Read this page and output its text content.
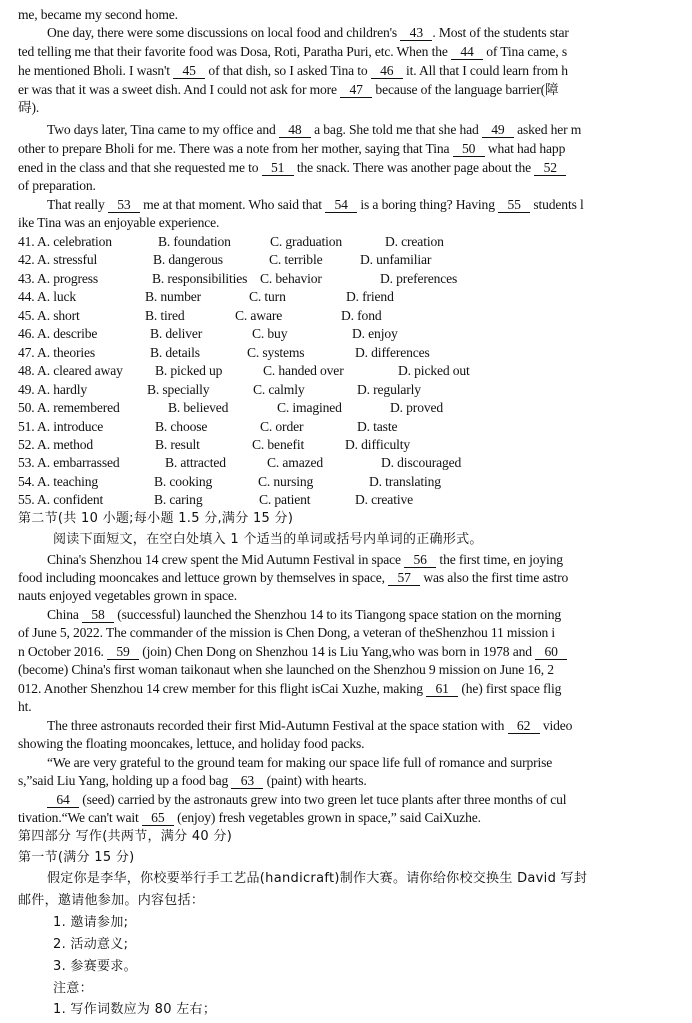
me, became my second home.
One day, there were some discussions on local food and children's 43 . Most of the students star
ted telling me that their favorite food was Dosa, Roti, Paratha Puri, etc. When the 44 of Tina came, s
he mentioned Bholi. I wasn't 45 of that dish, so I asked Tina to 46 it. All that I could learn from h
er was that it was a sweet dish. And I could not ask for more 47 because of the language barrier(障
碍).
Two days later, Tina came to my office and 48 a bag. She told me that she had 49 asked her m
other to prepare Bholi for me. There was a note from her mother, saying that Tina 50 what had happ
ened in the class and that she requested me to 51 the snack. There was another page about the 52
of preparation.
That really 53 me at that moment. Who said that 54 is a boring thing? Having 55 students l
ike Tina was an enjoyable experience.
41. A. celebration	B. foundation	C. graduation	D. creation
42. A. stressful	B. dangerous	C. terrible	D. unfamiliar
43. A. progress	B. responsibilities C. behavior	D. preferences
44. A. luck	B. number	C. turn	D. friend
45. A. short	B. tired	C. aware	D. fond
46. A. describe	B. deliver	C. buy	D. enjoy
47. A. theories	B. details	C. systems	D. differences
48. A. cleared away B. picked up	C. handed over	D. picked out
49. A. hardly	B. specially	C. calmly	D. regularly
50. A. remembered	B. believed	C. imagined	D. proved
51. A. introduce	B. choose	C. order	D. taste
52. A. method	B. result	C. benefit	D. difficulty
53. A. embarrassed	B. attracted	C. amazed	D. discouraged
54. A. teaching	B. cooking	C. nursing	D. translating
55. A. confident	B. caring	C. patient	D. creative
第二节(共 10 小题;每小题 1.5 分,满分 15 分)
阅读下面短文，在空白处填入 1 个适当的单词或括号内单词的正确形式。
China's Shenzhou 14 crew spent the Mid Autumn Festival in space 56 the first time, en joying
food including mooncakes and lettuce grown by themselves in space, 57 was also the first time astro
nauts enjoyed vegetables grown in space.
China 58 (successful) launched the Shenzhou 14 to its Tiangong space station on the morning
of June 5, 2022. The commander of the mission is Chen Dong, a veteran of theShenzhou 11 mission i
n October 2016. 59 (join) Chen Dong on Shenzhou 14 is Liu Yang,who was born in 1978 and 60
(become) China's first woman taikonaut when she launched on the Shenzhou 9 mission on June 16, 2
012. Another Shenzhou 14 crew member for this flight isCai Xuzhe, making 61 (he) first space flig
ht.
The three astronauts recorded their first Mid-Autumn Festival at the space station with 62 video
showing the floating mooncakes, lettuce, and holiday food packs.
“We are very grateful to the ground team for making our space life full of romance and surprise
s,”said Liu Yang, holding up a food bag 63 (paint) with hearts.
64 (seed) carried by the astronauts grew into two green let tuce plants after three months of cul
tivation.“We can't wait 65 (enjoy) fresh vegetables grown in space,” said CaiXuzhe.
第四部分 写作(共两节，满分 40 分)
第一节(满分 15 分)
假定你是李华，你校要举行手工艺品(handicraft)制作大赛。请你给你校交换生 David 写封
邮件，邀请他参加。内容包括：
1. 邀请参加;
2. 活动意义;
3. 参赛要求。
注意：
1. 写作词数应为 80 左右；
